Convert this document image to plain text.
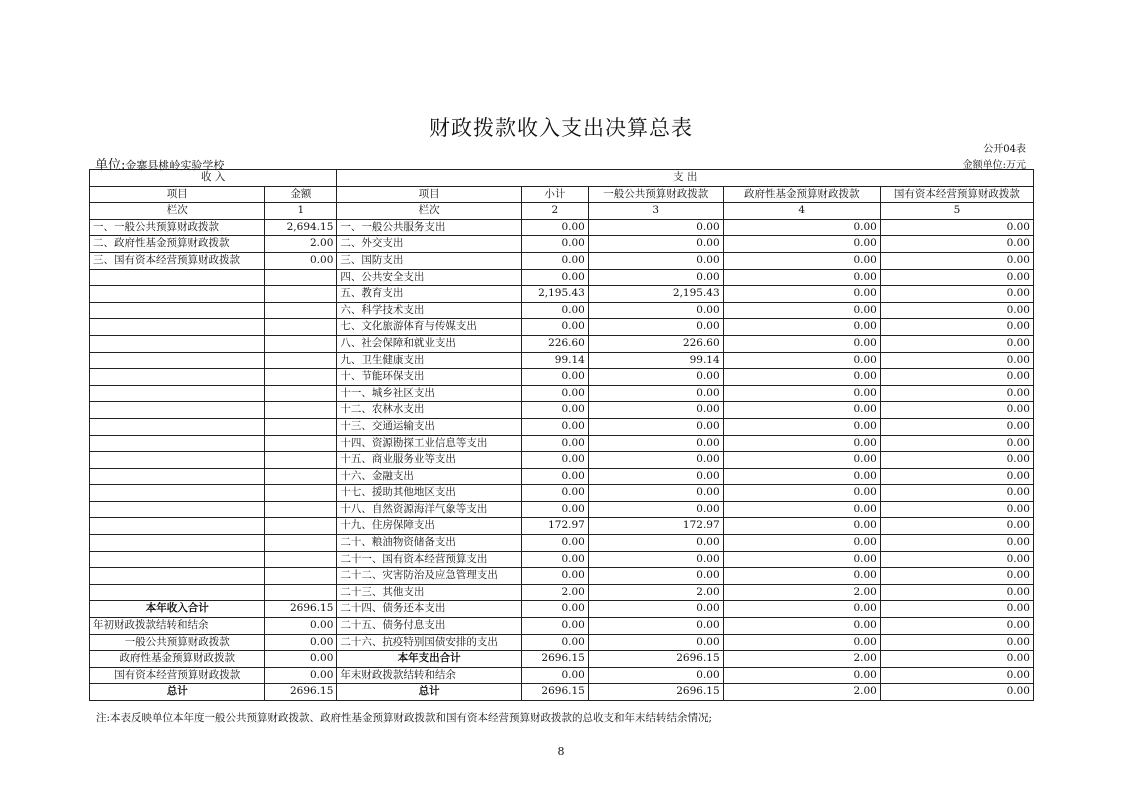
财政拨款收入支出决算总表
公开04表
单位:金寨县桃岭实验学校	金额单位:万元
收 入		支 出				
项目	金额	项目	小计	一般公共预算财政拨款	政府性基金预算财政拨款	国有资本经营预算财政拨款
栏次	1	栏次	2	3	4	5
一、一般公共预算财政拨款	2,694.15	一、一般公共服务支出	0.00	0.00	0.00	0.00
二、政府性基金预算财政拨款	2.00	二、外交支出	0.00	0.00	0.00	0.00
三、国有资本经营预算财政拨款	0.00	三、国防支出	0.00	0.00	0.00	0.00
		四、公共安全支出	0.00	0.00	0.00	0.00
		五、教育支出	2,195.43	2,195.43	0.00	0.00
		六、科学技术支出	0.00	0.00	0.00	0.00
		七、文化旅游体育与传媒支出	0.00	0.00	0.00	0.00
		八、社会保障和就业支出	226.60	226.60	0.00	0.00
		九、卫生健康支出	99.14	99.14	0.00	0.00
		十、节能环保支出	0.00	0.00	0.00	0.00
		十一、城乡社区支出	0.00	0.00	0.00	0.00
		十二、农林水支出	0.00	0.00	0.00	0.00
		十三、交通运输支出	0.00	0.00	0.00	0.00
		十四、资源勘探工业信息等支出	0.00	0.00	0.00	0.00
		十五、商业服务业等支出	0.00	0.00	0.00	0.00
		十六、金融支出	0.00	0.00	0.00	0.00
		十七、援助其他地区支出	0.00	0.00	0.00	0.00
		十八、自然资源海洋气象等支出	0.00	0.00	0.00	0.00
		十九、住房保障支出	172.97	172.97	0.00	0.00
		二十、粮油物资储备支出	0.00	0.00	0.00	0.00
		二十一、国有资本经营预算支出	0.00	0.00	0.00	0.00
		二十二、灾害防治及应急管理支出	0.00	0.00	0.00	0.00
		二十三、其他支出	2.00	2.00	2.00	0.00
本年收入合计	2696.15	二十四、债务还本支出	0.00	0.00	0.00	0.00
年初财政拨款结转和结余	0.00	二十五、债务付息支出	0.00	0.00	0.00	0.00
一般公共预算财政拨款	0.00	二十六、抗疫特别国债安排的支出	0.00	0.00	0.00	0.00
政府性基金预算财政拨款	0.00	本年支出合计	2696.15	2696.15	2.00	0.00
国有资本经营预算财政拨款	0.00	年末财政拨款结转和结余	0.00	0.00	0.00	0.00
总计	2696.15	总计	2696.15	2696.15	2.00	0.00
注:本表反映单位本年度一般公共预算财政拨款、政府性基金预算财政拨款和国有资本经营预算财政拨款的总收支和年末结转结余情况;
8
